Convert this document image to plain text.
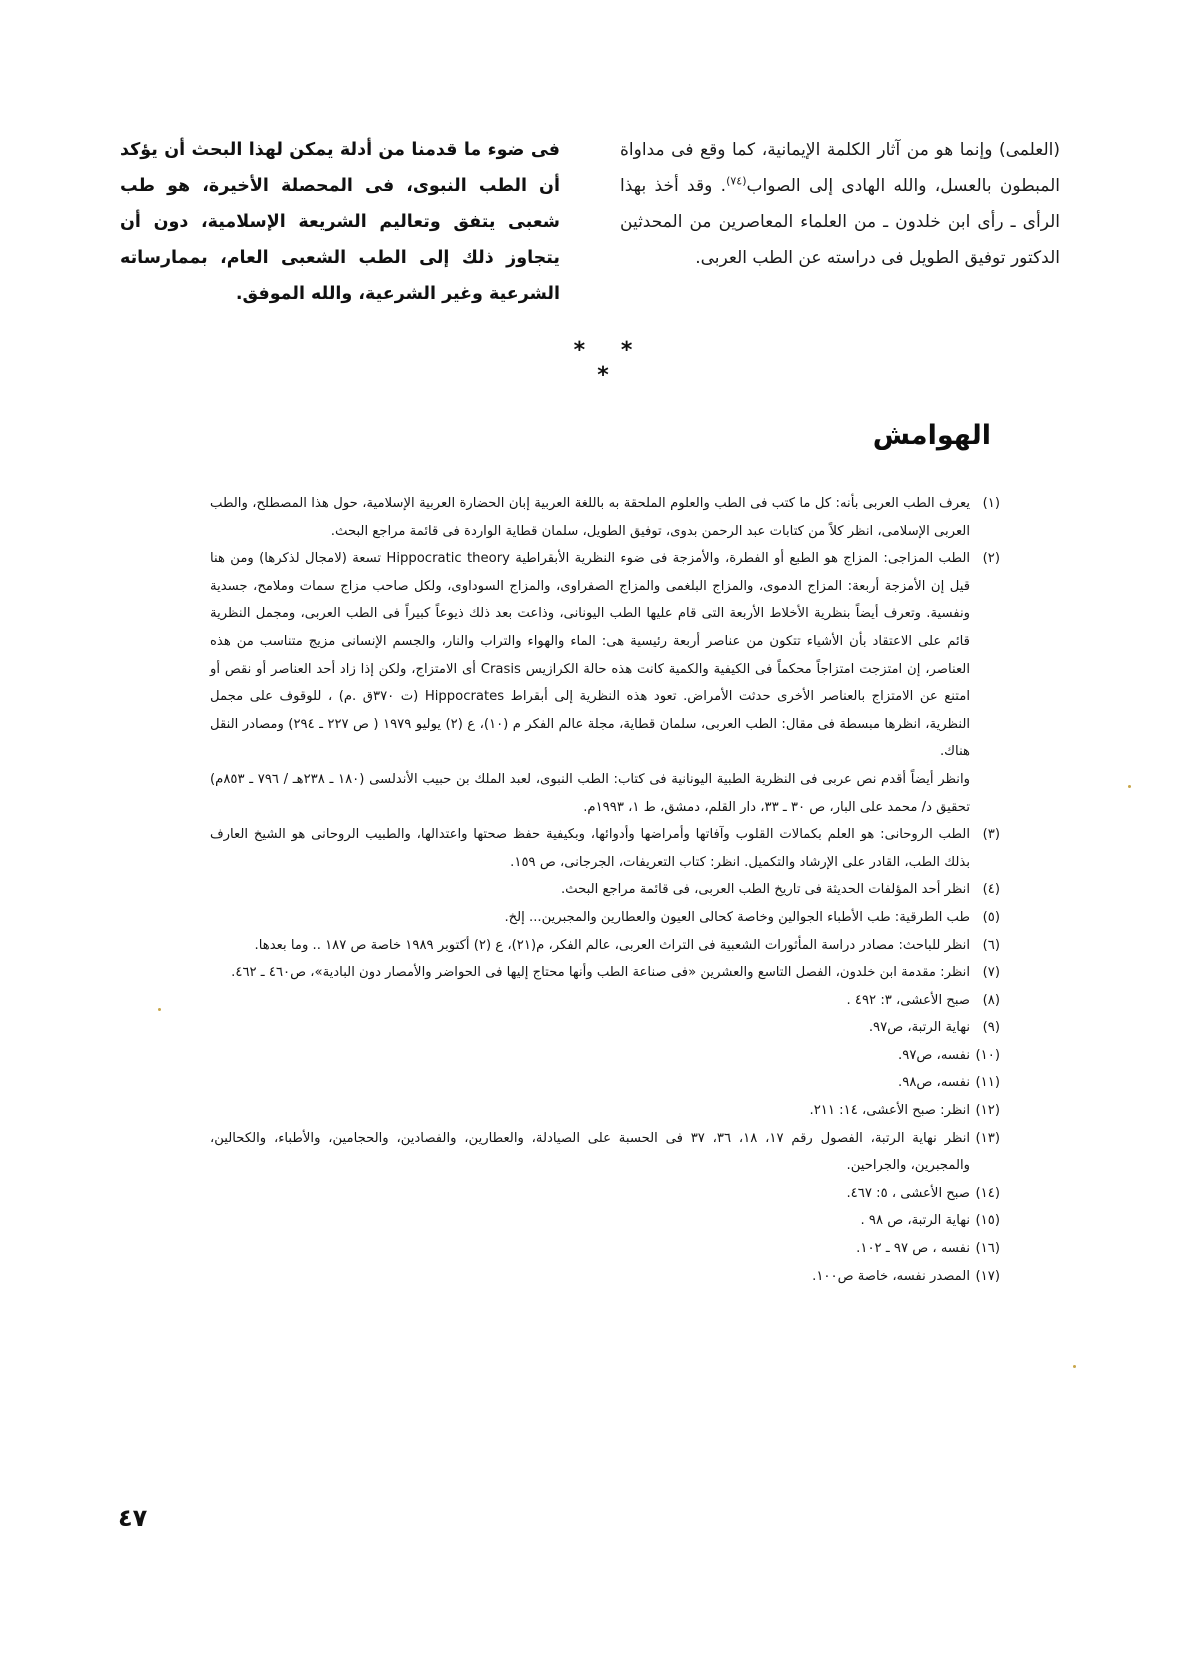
(العلمى) وإنما هو من آثار الكلمة الإيمانية، كما وقع فى مداواة المبطون بالعسل، والله الهادى إلى الصواب$^{(٧٤)}$. وقد أخذ بهذا الرأى ـ رأى ابن خلدون ـ من العلماء المعاصرين من المحدثين الدكتور توفيق الطويل فى دراسته عن الطب العربى.
فى ضوء ما قدمنا من أدلة يمكن لهذا البحث أن يؤكد أن الطب النبوى، فى المحصلة الأخيرة، هو طب شعبى يتفق وتعاليم الشريعة الإسلامية، دون أن يتجاوز ذلك إلى الطب الشعبى العام، بممارساته الشرعية وغير الشرعية، والله الموفق.
* * *
الهوامش
(١)
يعرف الطب العربى بأنه: كل ما كتب فى الطب والعلوم الملحقة به باللغة العربية إبان الحضارة العربية الإسلامية، حول هذا المصطلح، والطب العربى الإسلامى، انظر كلاً من كتابات عبد الرحمن بدوى، توفيق الطويل، سلمان قطاية الواردة فى قائمة مراجع البحث.
(٢)
الطب المزاجى: المزاج هو الطبع أو الفطرة، والأمزجة فى ضوء النظرية الأبقراطية Hippocratic theory تسعة (لامجال لذكرها) ومن هنا قيل إن الأمزجة أربعة: المزاج الدموى، والمزاج البلغمى والمزاج الصفراوى، والمزاج السوداوى، ولكل صاحب مزاج سمات وملامح، جسدية ونفسية. وتعرف أيضاً بنظرية الأخلاط الأربعة التى قام عليها الطب اليونانى، وذاعت بعد ذلك ذيوعاً كبيراً فى الطب العربى، ومجمل النظرية قائم على الاعتقاد بأن الأشياء تتكون من عناصر أربعة رئيسية هى: الماء والهواء والتراب والنار، والجسم الإنسانى مزيج متناسب من هذه العناصر، إن امتزجت امتزاجاً محكماً فى الكيفية والكمية كانت هذه حالة الكرازيس Crasis أى الامتزاج، ولكن إذا زاد أحد العناصر أو نقص أو امتنع عن الامتزاج بالعناصر الأخرى حدثت الأمراض. تعود هذه النظرية إلى أبقراط Hippocrates (ت ٣٧٠ق .م) ، للوقوف على مجمل النظرية، انظرها مبسطة فى مقال: الطب العربى، سلمان قطاية، مجلة عالم الفكر م (١٠)، ع (٢) يوليو ١٩٧٩ ( ص ٢٢٧ ـ ٢٩٤) ومصادر النقل هناك.
وانظر أيضاً أقدم نص عربى فى النظرية الطبية اليونانية فى كتاب: الطب النبوى، لعبد الملك بن حبيب الأندلسى (١٨٠ ـ ٢٣٨هـ / ٧٩٦ ـ ٨٥٣م) تحقيق د/ محمد على البار، ص ٣٠ ـ ٣٣، دار القلم، دمشق، ط ١، ١٩٩٣م.
(٣)
الطب الروحانى: هو العلم بكمالات القلوب وآفاتها وأمراضها وأدوائها، وبكيفية حفظ صحتها واعتدالها، والطبيب الروحانى هو الشيخ العارف بذلك الطب، القادر على الإرشاد والتكميل. انظر: كتاب التعريفات، الجرجانى، ص ١٥٩.
(٤)
انظر أحد المؤلفات الحديثة فى تاريخ الطب العربى، فى قائمة مراجع البحث.
(٥)
طب الطرقية: طب الأطباء الجوالين وخاصة كحالى العيون والعطارين والمجبرين... إلخ.
(٦)
انظر للباحث: مصادر دراسة المأثورات الشعبية فى التراث العربى، عالم الفكر، م(٢١)، ع (٢) أكتوبر ١٩٨٩ خاصة ص ١٨٧ .. وما بعدها.
(٧)
انظر: مقدمة ابن خلدون، الفصل التاسع والعشرين «فى صناعة الطب وأنها محتاج إليها فى الحواضر والأمصار دون البادية»، ص٤٦٠ ـ ٤٦٢.
(٨)
صبح الأعشى، ٣: ٤٩٢ .
(٩)
نهاية الرتبة، ص٩٧.
(١٠)
نفسه، ص٩٧.
(١١)
نفسه، ص٩٨.
(١٢)
انظر: صبح الأعشى، ١٤: ٢١١.
(١٣)
انظر نهاية الرتبة، الفصول رقم ١٧، ١٨، ٣٦، ٣٧ فى الحسبة على الصيادلة، والعطارين، والفصادين، والحجامين، والأطباء، والكحالين، والمجبرين، والجراحين.
(١٤)
صبح الأعشى ، ٥: ٤٦٧.
(١٥)
نهاية الرتبة، ص ٩٨ .
(١٦)
نفسه ، ص ٩٧ ـ ١٠٢.
(١٧)
المصدر نفسه، خاصة ص١٠٠.
٤٧
